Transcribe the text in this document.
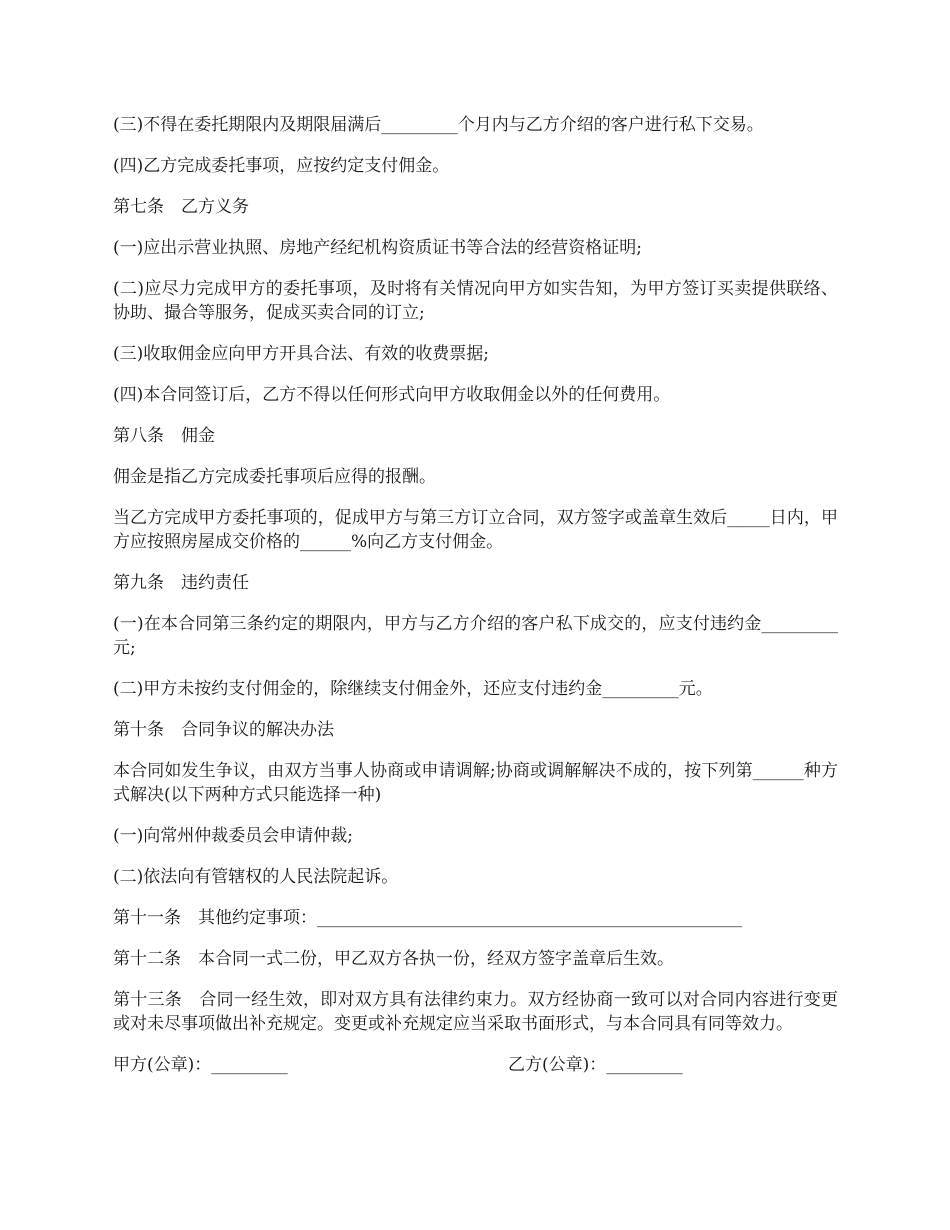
(三)不得在委托期限内及期限届满后_________个月内与乙方介绍的客户进行私下交易。

(四)乙方完成委托事项，应按约定支付佣金。

第七条　乙方义务

(一)应出示营业执照、房地产经纪机构资质证书等合法的经营资格证明;

(二)应尽力完成甲方的委托事项，及时将有关情况向甲方如实告知，为甲方签订买卖提供联络、协助、撮合等服务，促成买卖合同的订立;

(三)收取佣金应向甲方开具合法、有效的收费票据;

(四)本合同签订后，乙方不得以任何形式向甲方收取佣金以外的任何费用。

第八条　佣金

佣金是指乙方完成委托事项后应得的报酬。

当乙方完成甲方委托事项的，促成甲方与第三方订立合同，双方签字或盖章生效后_____日内，甲方应按照房屋成交价格的______%向乙方支付佣金。

第九条　违约责任

(一)在本合同第三条约定的期限内，甲方与乙方介绍的客户私下成交的，应支付违约金_________元;

(二)甲方未按约支付佣金的，除继续支付佣金外，还应支付违约金_________元。

第十条　合同争议的解决办法

本合同如发生争议，由双方当事人协商或申请调解;协商或调解解决不成的，按下列第______种方式解决(以下两种方式只能选择一种)

(一)向常州仲裁委员会申请仲裁;

(二)依法向有管辖权的人民法院起诉。

第十一条　其他约定事项：__________________________________________________

第十二条　本合同一式二份，甲乙双方各执一份，经双方签字盖章后生效。

第十三条　合同一经生效，即对双方具有法律约束力。双方经协商一致可以对合同内容进行变更或对未尽事项做出补充规定。变更或补充规定应当采取书面形式，与本合同具有同等效力。

甲方(公章)：_________	乙方(公章)：_________
